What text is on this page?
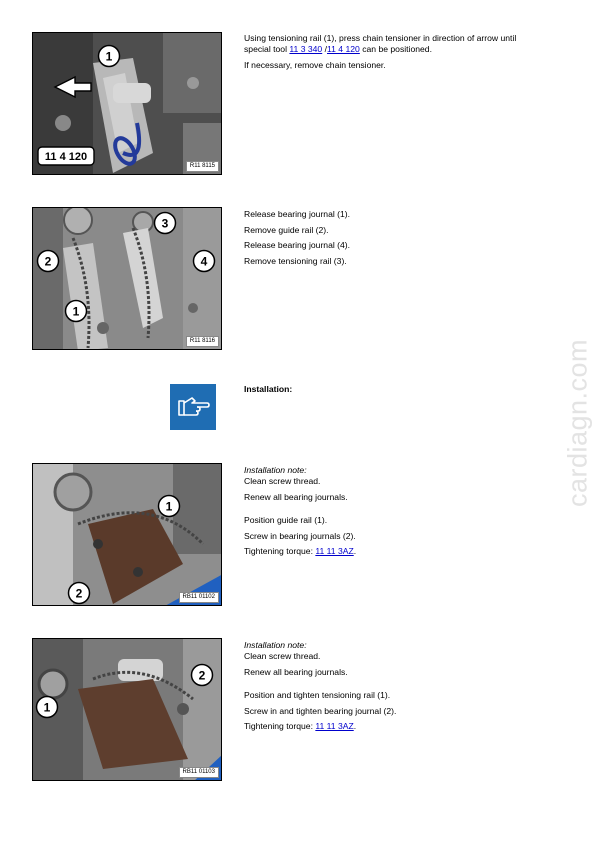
1
11 4 120
R11 8115

Using tensioning rail (1), press chain tensioner in direction of arrow until
special tool 11 3 340 /11 4 120 can be positioned.

If necessary, remove chain tensioner.

3
2	4
1
R11 8116

Release bearing journal (1).

Remove guide rail (2).

Release bearing journal (4).

Remove tensioning rail (3).

Installation:
1
2	RB11 01102
Installation note:

Clean screw thread.

Renew all bearing journals.

Position guide rail (1).

Screw in bearing journals (2).

Tightening torque: 11 11 3AZ.

2
1
RB11 01103
Installation note:

Clean screw thread.

Renew all bearing journals.

Position and tighten tensioning rail (1).

Screw in and tighten bearing journal (2).

Tightening torque: 11 11 3AZ.

cardiagn.com
